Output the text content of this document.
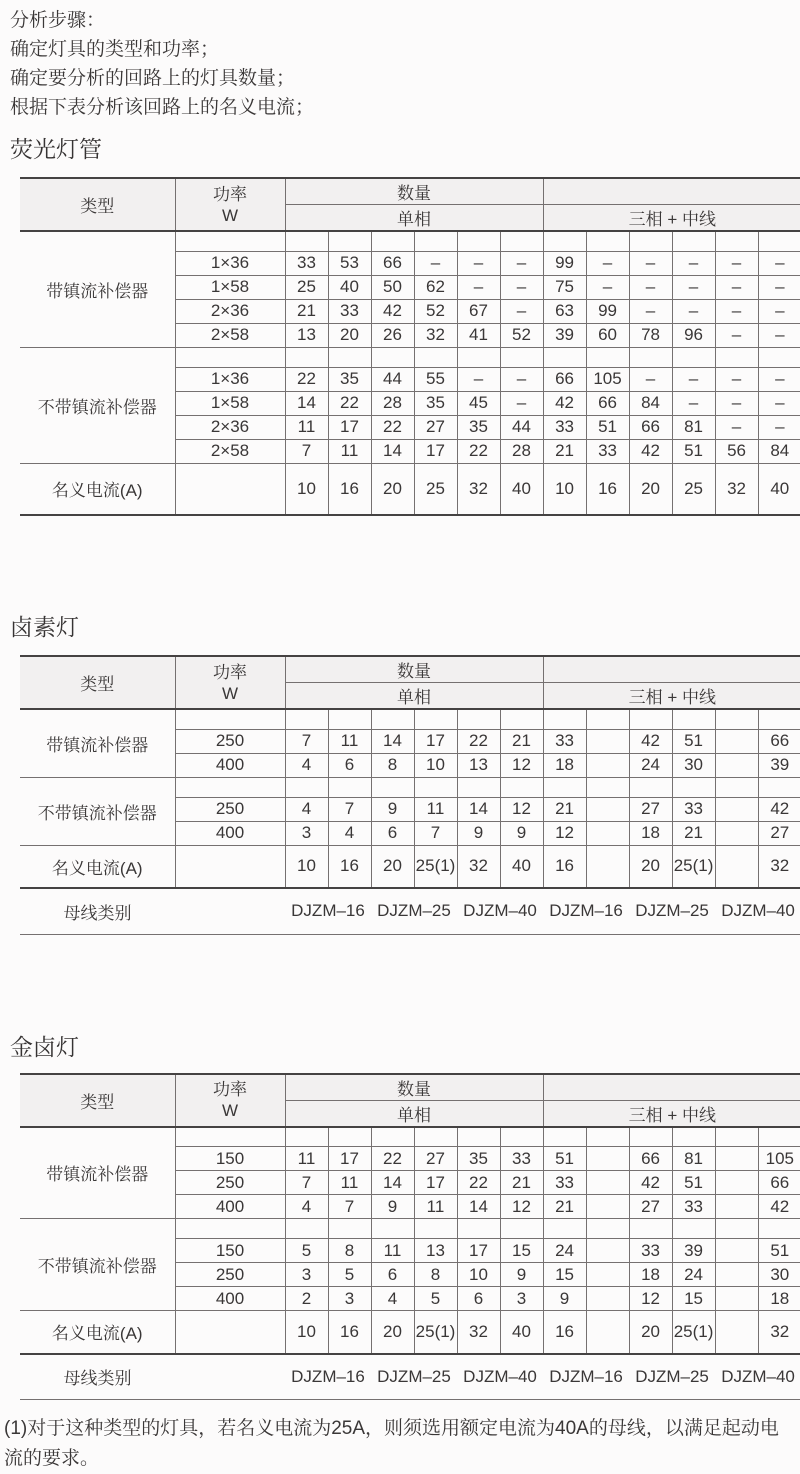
分析步骤：
确定灯具的类型和功率；
确定要分析的回路上的灯具数量；
根据下表分析该回路上的名义电流；
荧光灯管
类型	功率
W	数量											
		单相						三相 + 中线					
带镇流补偿器													
	1×36	33	53	66	–	–	–	99	–	–	–	–	–
	1×58	25	40	50	62	–	–	75	–	–	–	–	–
	2×36	21	33	42	52	67	–	63	99	–	–	–	–
	2×58	13	20	26	32	41	52	39	60	78	96	–	–
不带镇流补偿器													
	1×36	22	35	44	55	–	–	66	105	–	–	–	–
	1×58	14	22	28	35	45	–	42	66	84	–	–	–
	2×36	11	17	22	27	35	44	33	51	66	81	–	–
	2×58	7	11	14	17	22	28	21	33	42	51	56	84
名义电流(A)		10	16	20	25	32	40	10	16	20	25	32	40
卤素灯
类型	功率
W	数量											
		单相						三相 + 中线					
带镇流补偿器													
	250	7	11	14	17	22	21	33		42	51		66
	400	4	6	8	10	13	12	18		24	30		39
不带镇流补偿器													
	250	4	7	9	11	14	12	21		27	33		42
	400	3	4	6	7	9	9	12		18	21		27
名义电流(A)		10	16	20	25(1)	32	40	16		20	25(1)		32
母线类别		DJZM–16		DJZM–25		DJZM–40		DJZM–16		DJZM–25		DJZM–40	
金卤灯
类型	功率
W	数量											
		单相						三相 + 中线					
带镇流补偿器													
	150	11	17	22	27	35	33	51		66	81		105
	250	7	11	14	17	22	21	33		42	51		66
	400	4	7	9	11	14	12	21		27	33		42
不带镇流补偿器													
	150	5	8	11	13	17	15	24		33	39		51
	250	3	5	6	8	10	9	15		18	24		30
	400	2	3	4	5	6	3	9		12	15		18
名义电流(A)		10	16	20	25(1)	32	40	16		20	25(1)		32
母线类别		DJZM–16		DJZM–25		DJZM–40		DJZM–16		DJZM–25		DJZM–40	
(1)对于这种类型的灯具，若名义电流为25A，则须选用额定电流为40A的母线，以满足起动电流的要求。
